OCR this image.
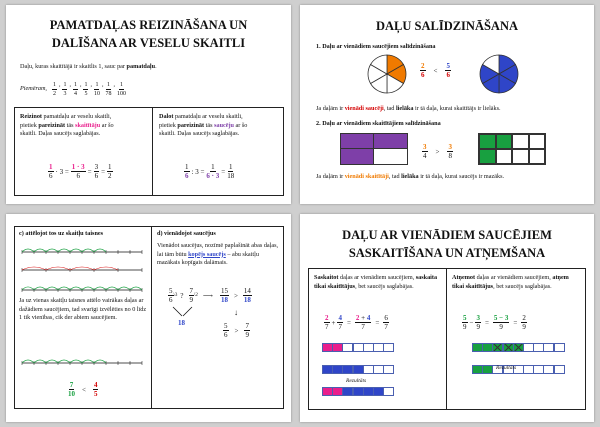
PAMATDAĻAS REIZINĀŠANA UN
DALĪŠANA AR VESELU SKAITLI
Daļu, kuras skaitītājā ir skaitlis 1, sauc par pamatdaļu.
Piemēram, $\frac{1}{2}$ , $\frac{1}{3}$ , $\frac{1}{4}$ , $\frac{1}{5}$ , $\frac{1}{10}$ , $\frac{1}{78}$ , $\frac{1}{100}$
Reizinot pamatdaļu ar veselu skaitli,
pietiek pareizināt tās skaitītāju ar šo
skaitli. Daļas saucējs saglabājas.
Dalot pamatdaļu ar veselu skaitli,
pietiek pareizināt tās saucēju ar šo
skaitli. Daļas saucējs saglabājas.
$\frac{1}{6} \cdot 3 = \frac{1 \cdot 3}{6} = \frac{3}{6} = \frac{1}{2}$	$\frac{1}{6}$ : $3 = \frac{1}{6 \cdot 3} = \frac{1}{18}$
DAĻU SALĪDZINĀŠANA
1. Daļu ar vienādiem saucējiem salīdzināšana
$\frac{2}{6} < \frac{5}{6}$
Ja daļām ir vienādi saucēji, tad lielāka ir tā daļa, kurai skaitītājs ir lielāks.
2. Daļu ar vienādiem skaitītājiem salīdzināšana
$\frac{3}{4} > \frac{3}{8}$
Ja daļām ir vienādi skaitītāji, tad lielāka ir tā daļa, kurai saucējs ir mazāks.
c) attēlojot tos uz skaitļu taisnes
Ja uz vienas skaitļu taisnes attēlo vairākas daļas ar dažādiem saucējiem, tad svarīgi izvēlēties no 0 līdz 1 tik vienības, cik der abiem saucējiem.
$\frac{7}{10} < \frac{4}{5}$
d) vienādojot saucējus
Vienādot saucējus, nozīmē paplašināt abas daļas, lai tām būtu kopējs saucējs – abu skaitļu mazākais kopīgais dalāmais.
$\frac{5}{6}$ \3 ? $\frac{7}{9}$ \2 ⟶ $\frac{15}{18} > \frac{14}{18}$
18
↓
$\frac{5}{6} > \frac{7}{9}$
DAĻU AR VIENĀDIEM SAUCĒJIEM
SASKAITĪŠANA UN ATŅEMŠANA
Saskaitot daļas ar vienādiem saucējiem, saskaita tikai skaitītājus, bet saucējs saglabājas.
$\frac{2}{7} + \frac{4}{7} = \frac{2 + 4}{7} = \frac{6}{7}$
Rezultāts
Atņemot daļas ar vienādiem saucējiem, atņem tikai skaitītājus, bet saucējs saglabājas.
$\frac{5}{9} - \frac{3}{9} = \frac{5 - 3}{9} = \frac{2}{9}$
Rezultāts
